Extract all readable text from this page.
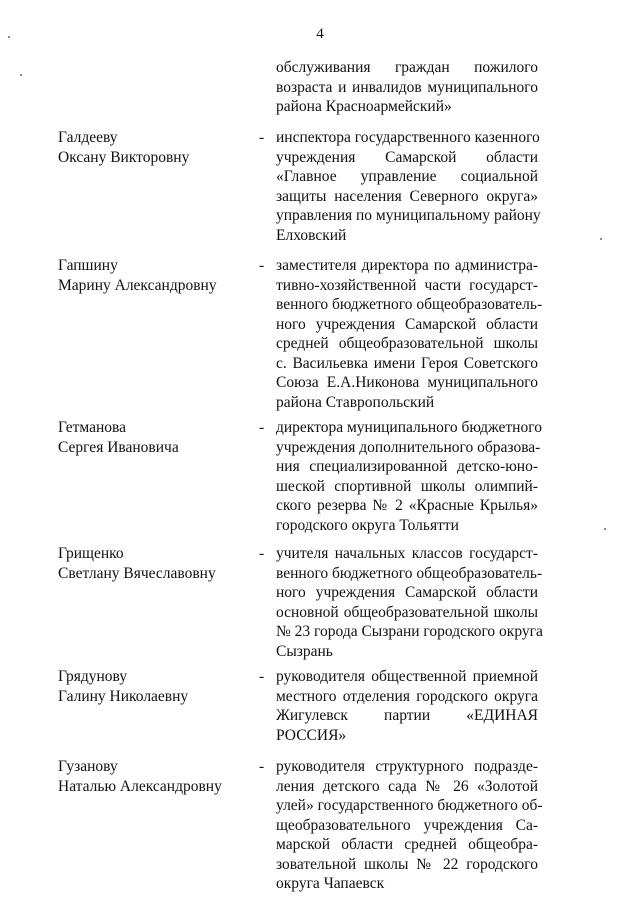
4
обслуживания граждан пожилого
возраста и инвалидов муниципального
района Красноармейский»
Галдееву
Оксану Викторовну
- инспектора государственного казенного
учреждения Самарской области
«Главное управление социальной
защиты населения Северного округа»
управления по муниципальному району
Елховский
Гапшину
Марину Александровну
- заместителя директора по администра-
тивно-хозяйственной части государст-
венного бюджетного общеобразователь-
ного учреждения Самарской области
средней общеобразовательной школы
с. Васильевка имени Героя Советского
Союза Е.А.Никонова муниципального
района Ставропольский
Гетманова
Сергея Ивановича
- директора муниципального бюджетного
учреждения дополнительного образова-
ния специализированной детско-юно-
шеской спортивной школы олимпий-
ского резерва № 2 «Красные Крылья»
городского округа Тольятти
Грищенко
Светлану Вячеславовну
- учителя начальных классов государст-
венного бюджетного общеобразователь-
ного учреждения Самарской области
основной общеобразовательной школы
№ 23 города Сызрани городского округа
Сызрань
Грядунову
Галину Николаевну
- руководителя общественной приемной
местного отделения городского округа
Жигулевск партии «ЕДИНАЯ
РОССИЯ»
Гузанову
Наталью Александровну
- руководителя структурного подразде-
ления детского сада № 26 «Золотой
улей» государственного бюджетного об-
щеобразовательного учреждения Са-
марской области средней общеобра-
зовательной школы № 22 городского
округа Чапаевск
